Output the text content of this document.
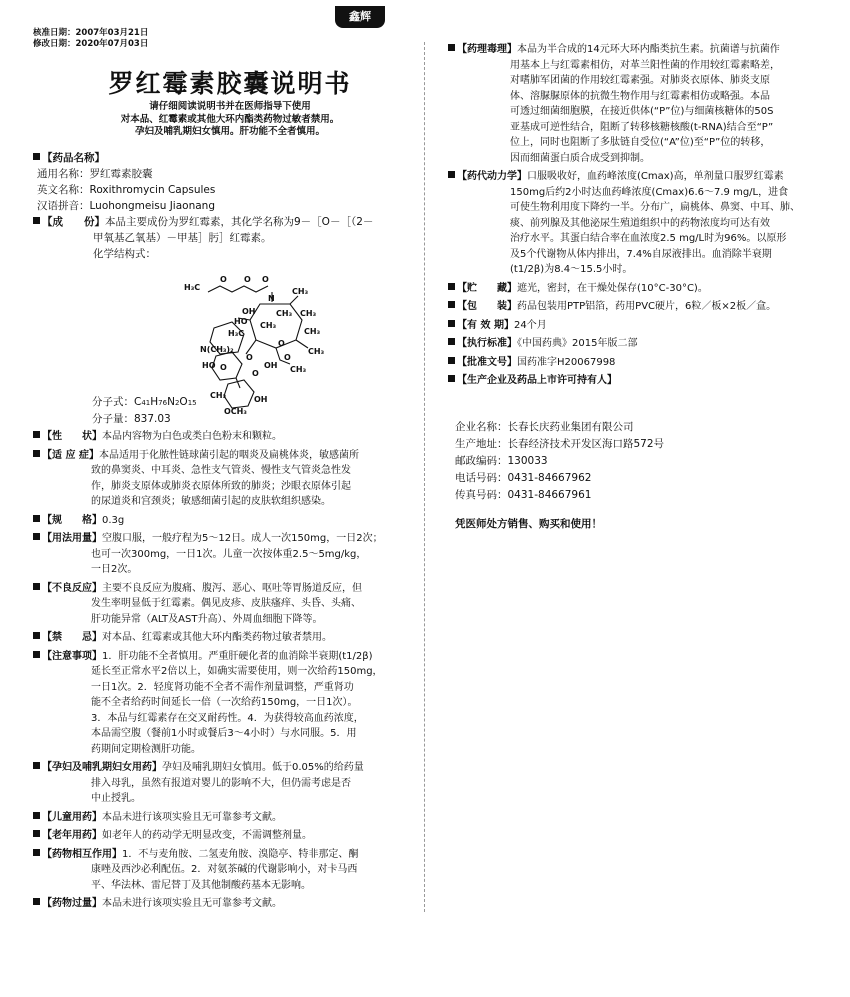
核准日期：2007年03月21日
修改日期：2020年07月03日
鑫辉
罗红霉素胶囊说明书
请仔细阅读说明书并在医师指导下使用
对本品、红霉素或其他大环内酯类药物过敏者禁用。
孕妇及哺乳期妇女慎用。肝功能不全者慎用。
【药品名称】
通用名称：罗红霉素胶囊
英文名称：Roxithromycin Capsules
汉语拼音：Luohongmeisu Jiaonang
【成　　份】本品主要成份为罗红霉素，其化学名称为9－［O－［（2－
甲氧基乙氧基）－甲基］肟］红霉素。
化学结构式：
H₃C
O O O
N
CH₃
OH
HO
CH₃
H₃C
O	O
N(CH₃)₂
HO O
O
CH₃
OCH₃
OH
CH₃
CH₃
O
CH₃
CH₃
CH₃
OH
分子式：C41H76N2O15
分子量：837.03
【性　　状】本品内容物为白色或类白色粉末和颗粒。
【适 应 症】本品适用于化脓性链球菌引起的咽炎及扁桃体炎，敏感菌所
致的鼻窦炎、中耳炎、急性支气管炎、慢性支气管炎急性发
作，肺炎支原体或肺炎衣原体所致的肺炎；沙眼衣原体引起
的尿道炎和宫颈炎；敏感细菌引起的皮肤软组织感染。
【规　　格】0.3g
【用法用量】空腹口服，一般疗程为5～12日。成人一次150mg，一日2次；
也可一次300mg，一日1次。儿童一次按体重2.5～5mg/kg，
一日2次。
【不良反应】主要不良反应为腹痛、腹泻、恶心、呕吐等胃肠道反应，但
发生率明显低于红霉素。偶见皮疹、皮肤瘙痒、头昏、头痛、
肝功能异常（ALT及AST升高）、外周血细胞下降等。
【禁　　忌】对本品、红霉素或其他大环内酯类药物过敏者禁用。
【注意事项】1．肝功能不全者慎用。严重肝硬化者的血消除半衰期(t1/2β)
延长至正常水平2倍以上，如确实需要使用，则一次给药150mg，
一日1次。2．轻度肾功能不全者不需作剂量调整，严重肾功
能不全者给药时间延长一倍（一次给药150mg，一日1次）。
3．本品与红霉素存在交叉耐药性。4．为获得较高血药浓度，
本品需空腹（餐前1小时或餐后3～4小时）与水同服。5．用
药期间定期检测肝功能。
【孕妇及哺乳期妇女用药】孕妇及哺乳期妇女慎用。低于0.05%的给药量
排入母乳，虽然有报道对婴儿的影响不大，但仍需考虑是否
中止授乳。
【儿童用药】本品未进行该项实验且无可靠参考文献。
【老年用药】如老年人的药动学无明显改变，不需调整剂量。
【药物相互作用】1．不与麦角胺、二氢麦角胺、溴隐亭、特非那定、酮
康唑及西沙必利配伍。2．对氨茶碱的代谢影响小，对卡马西
平、华法林、雷尼替丁及其他制酸药基本无影响。
【药物过量】本品未进行该项实验且无可靠参考文献。
【药理毒理】本品为半合成的14元环大环内酯类抗生素。抗菌谱与抗菌作
用基本上与红霉素相仿，对革兰阳性菌的作用较红霉素略差，
对嗜肺军团菌的作用较红霉素强。对肺炎衣原体、肺炎支原
体、溶脲脲原体的抗微生物作用与红霉素相仿或略强。本品
可透过细菌细胞膜，在接近供体(“P”位)与细菌核糖体的50S
亚基成可逆性结合，阻断了转移核糖核酸(t-RNA)结合至“P”
位上，同时也阻断了多肽链自受位(“A”位)至“P”位的转移，
因而细菌蛋白质合成受到抑制。
【药代动力学】口服吸收好，血药峰浓度(Cmax)高，单剂量口服罗红霉素
150mg后约2小时达血药峰浓度(Cmax)6.6～7.9 mg/L，进食
可使生物利用度下降约一半。分布广，扁桃体、鼻窦、中耳、肺、
痰、前列腺及其他泌尿生殖道组织中的药物浓度均可达有效
治疗水平。其蛋白结合率在血浓度2.5 mg/L时为96%。以原形
及5个代谢物从体内排出，7.4%自尿液排出。血消除半衰期
(t1/2β)为8.4～15.5小时。
【贮　　藏】遮光，密封，在干燥处保存(10°C-30°C)。
【包　　装】药品包装用PTP铝箔，药用PVC硬片，6粒／板×2板／盒。
【有 效 期】24个月
【执行标准】《中国药典》2015年版二部
【批准文号】国药准字H20067998
【生产企业及药品上市许可持有人】
企业名称：长春长庆药业集团有限公司
生产地址：长春经济技术开发区海口路572号
邮政编码：130033
电话号码：0431-84667962
传真号码：0431-84667961
凭医师处方销售、购买和使用！
